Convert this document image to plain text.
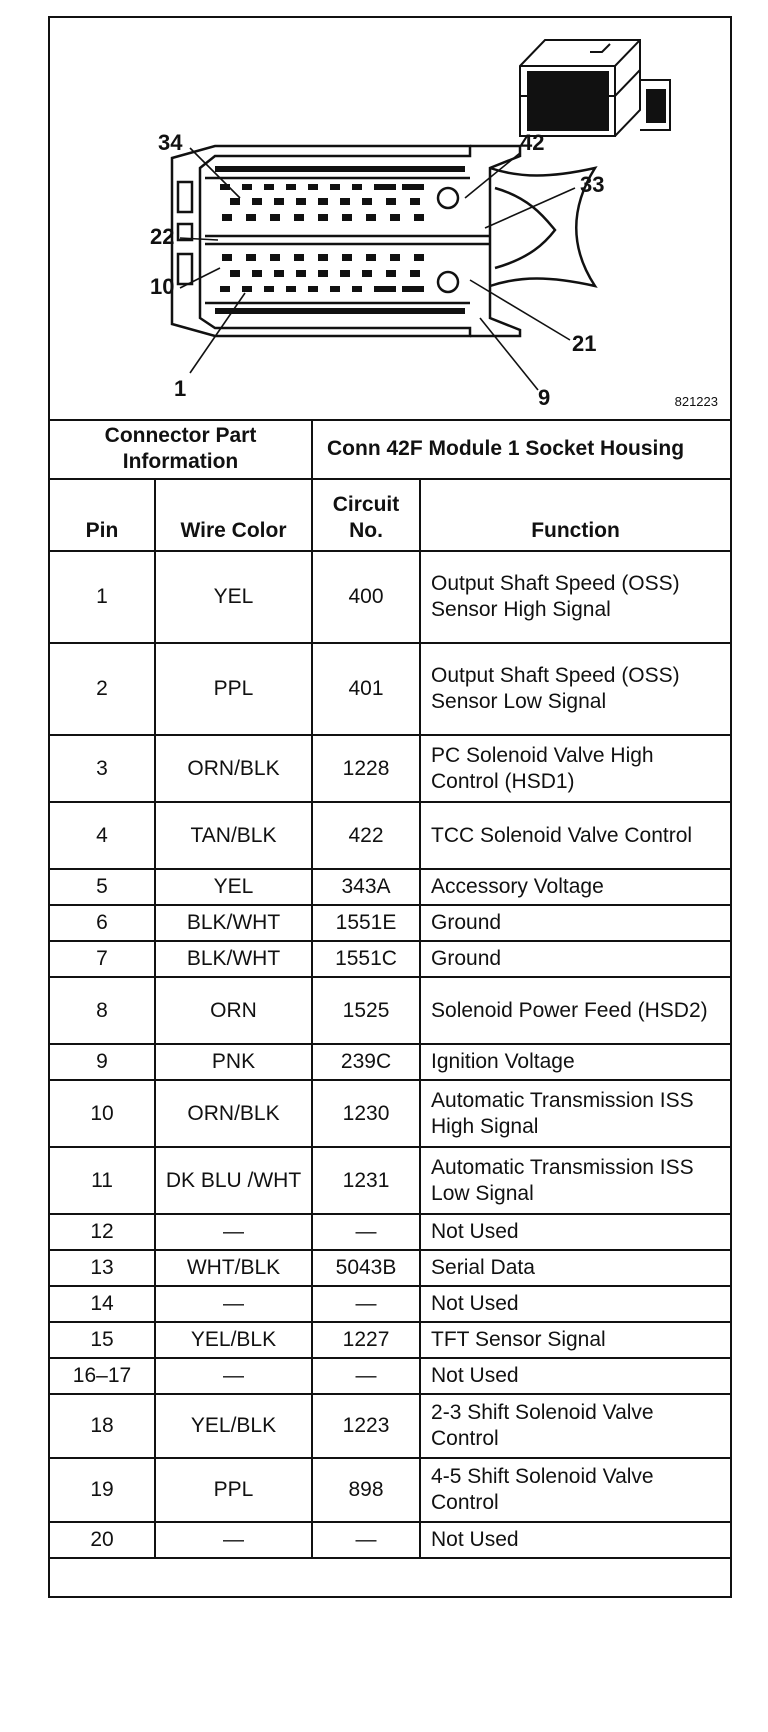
34	42
33
22
10
21
1	9	821223
Connector Part Information		Conn 42F Module 1 Socket Housing	
Pin	Wire Color	Circuit No.	Function
1	YEL	400	Output Shaft Speed (OSS) Sensor High Signal
2	PPL	401	Output Shaft Speed (OSS) Sensor Low Signal
3	ORN/BLK	1228	PC Solenoid Valve High Control (HSD1)
4	TAN/BLK	422	TCC Solenoid Valve Control
5	YEL	343A	Accessory Voltage
6	BLK/WHT	1551E	Ground
7	BLK/WHT	1551C	Ground
8	ORN	1525	Solenoid Power Feed (HSD2)
9	PNK	239C	Ignition Voltage
10	ORN/BLK	1230	Automatic Transmission ISS High Signal
11	DK BLU /WHT	1231	Automatic Transmission ISS Low Signal
12	—	—	Not Used
13	WHT/BLK	5043B	Serial Data
14	—	—	Not Used
15	YEL/BLK	1227	TFT Sensor Signal
16–17	—	—	Not Used
18	YEL/BLK	1223	2-3 Shift Solenoid Valve Control
19	PPL	898	4-5 Shift Solenoid Valve Control
20	—	—	Not Used
